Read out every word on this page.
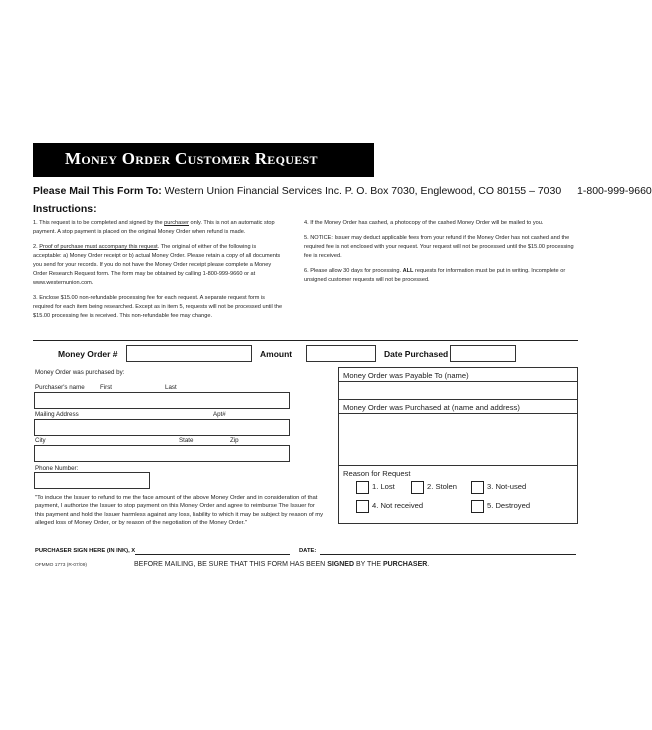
Money Order Customer Request
Please Mail This Form To: Western Union Financial Services Inc. P. O. Box 7030, Englewood, CO 80155 – 7030 1-800-999-9660
Instructions:
1. This request is to be completed and signed by the purchaser only. This is not an automatic stop payment. A stop payment is placed on the original Money Order when refund is made.
2. Proof of purchase must accompany this request. The original of either of the following is acceptable: a) Money Order receipt or b) actual Money Order. Please retain a copy of all documents you send for your records. If you do not have the Money Order receipt please complete a Money Order Research Request form. The form may be obtained by calling 1-800-999-9660 or at www.westernunion.com.
3. Enclose $15.00 non-refundable processing fee for each request. A separate request form is required for each item being researched. Except as in item 5, requests will not be processed until the $15.00 processing fee is received. This non-refundable fee may change.
4. If the Money Order has cashed, a photocopy of the cashed Money Order will be mailed to you.
5. NOTICE: Issuer may deduct applicable fees from your refund if the Money Order has not cashed and the required fee is not enclosed with your request. Your request will not be processed until the $15.00 processing fee is received.
6. Please allow 30 days for processing. ALL requests for information must be put in writing. Incomplete or unsigned customer requests will not be processed.
Money Order #	Amount	Date Purchased
Money Order was purchased by:
Purchaser's name First	Last
Mailing Address	Apt#
City	State	Zip
Phone Number:
"To induce the Issuer to refund to me the face amount of the above Money Order and in consideration of that payment, I authorize the Issuer to stop payment on this Money Order and agree to reimburse The Issuer for this payment and hold the Issuer harmless against any loss, liability to which it may be subject by reason of my alleged loss of Money Order, or by reason of the negotiation of the Money Order."
Money Order was Payable To (name)
Money Order was Purchased at (name and address)
Reason for Request
1. Lost	2. Stolen	3. Not-used
4. Not received	5. Destroyed
PURCHASER SIGN HERE (IN INK), X	DATE:
OFMMO 1773 (R-07/09)	BEFORE MAILING, BE SURE THAT THIS FORM HAS BEEN SIGNED BY THE PURCHASER.
